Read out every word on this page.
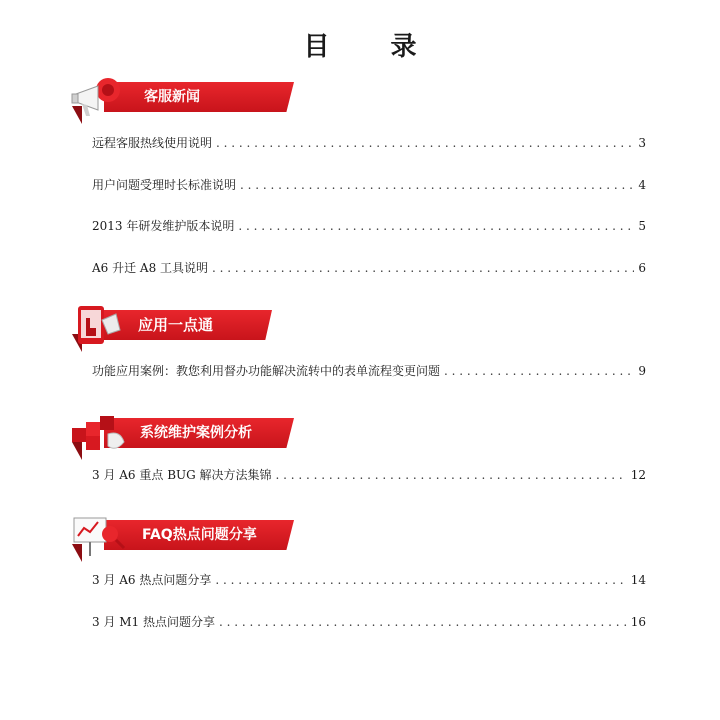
目 录
客服新闻
远程客服热线使用说明 . . .	3
用户问题受理时长标准说明 . . .	4
2013 年研发维护版本说明 . . .	5
A6 升迁 A8 工具说明 . . .	6
应用一点通
功能应用案例：教您利用督办功能解决流转中的表单流程变更问题 . . .	9
系统维护案例分析
3 月 A6 重点 BUG 解决方法集锦 . . .	12
FAQ热点问题分享
3 月 A6 热点问题分享 . . .	14
3 月 M1 热点问题分享 . . .	16
